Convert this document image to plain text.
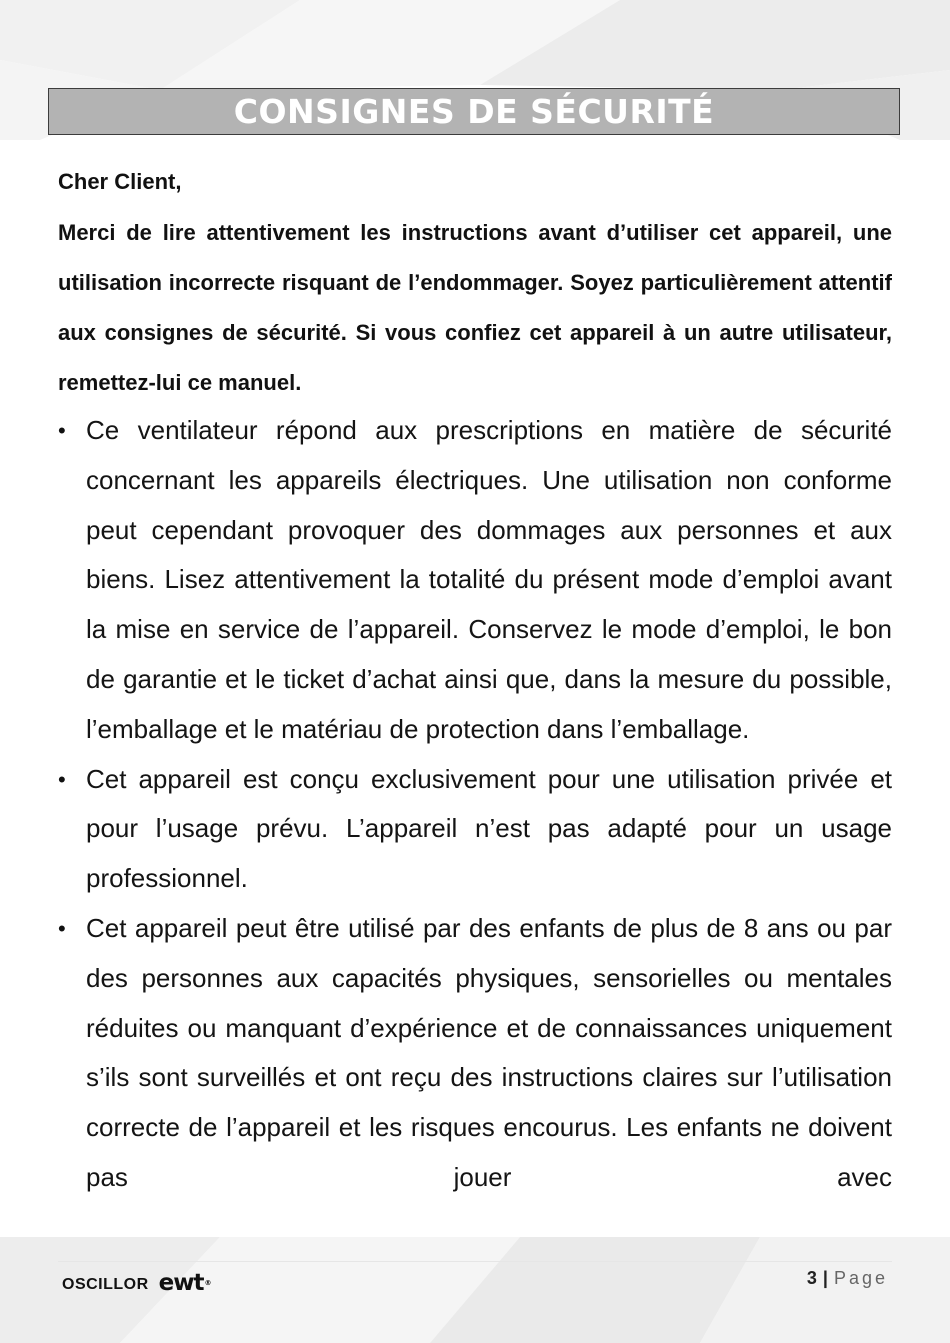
CONSIGNES DE SÉCURITÉ
Cher Client,
Merci de lire attentivement les instructions avant d’utiliser cet appareil, une utilisation incorrecte risquant de l’endommager. Soyez particulièrement attentif aux consignes de sécurité. Si vous confiez cet appareil à un autre utilisateur, remettez-lui ce manuel.
• Ce ventilateur répond aux prescriptions en matière de sécurité concernant les appareils électriques. Une utilisation non conforme peut cependant provoquer des dommages aux personnes et aux biens. Lisez attentivement la totalité du présent mode d’emploi avant la mise en service de l’appareil. Conservez le mode d’emploi, le bon de garantie et le ticket d’achat ainsi que, dans la mesure du possible, l’emballage et le matériau de protection dans l’emballage.
• Cet appareil est conçu exclusivement pour une utilisation privée et pour l’usage prévu. L’appareil n’est pas adapté pour un usage professionnel.
• Cet appareil peut être utilisé par des enfants de plus de 8 ans ou par des personnes aux capacités physiques, sensorielles ou mentales réduites ou manquant d’expérience et de connaissances uniquement s’ils sont surveillés et ont reçu des instructions claires sur l’utilisation correcte de l’appareil et les risques encourus. Les enfants ne doivent pas jouer avec
OSCILLOR ewt®	3 | Page
